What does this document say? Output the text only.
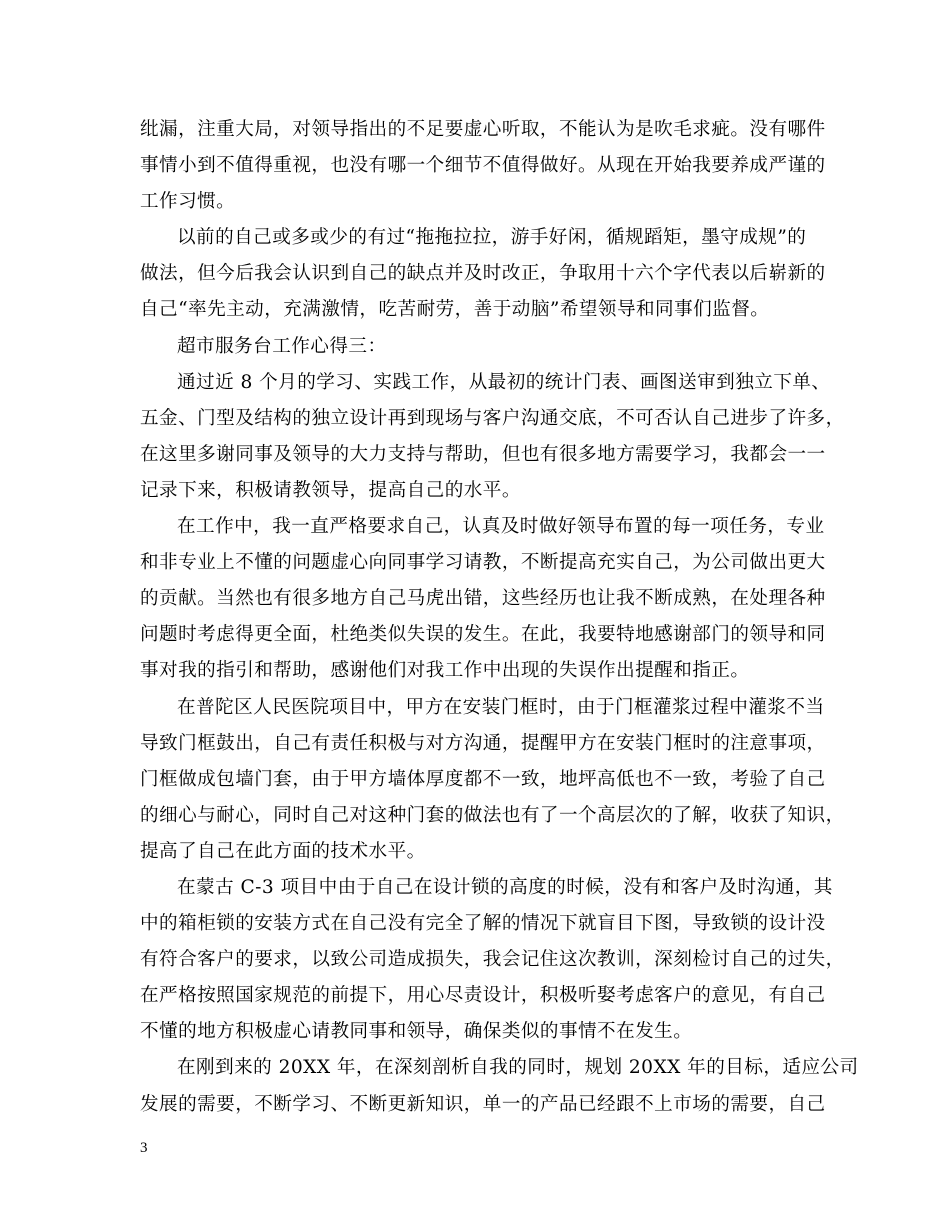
纰漏，注重大局，对领导指出的不足要虚心听取，不能认为是吹毛求疵。没有哪件
事情小到不值得重视，也没有哪一个细节不值得做好。从现在开始我要养成严谨的
工作习惯。
以前的自己或多或少的有过“拖拖拉拉，游手好闲，循规蹈矩，墨守成规”的
做法，但今后我会认识到自己的缺点并及时改正，争取用十六个字代表以后崭新的
自己“率先主动，充满激情，吃苦耐劳，善于动脑”希望领导和同事们监督。
超市服务台工作心得三：
通过近 8 个月的学习、实践工作，从最初的统计门表、画图送审到独立下单、
五金、门型及结构的独立设计再到现场与客户沟通交底，不可否认自己进步了许多，
在这里多谢同事及领导的大力支持与帮助，但也有很多地方需要学习，我都会一一
记录下来，积极请教领导，提高自己的水平。
在工作中，我一直严格要求自己，认真及时做好领导布置的每一项任务，专业
和非专业上不懂的问题虚心向同事学习请教，不断提高充实自己，为公司做出更大
的贡献。当然也有很多地方自己马虎出错，这些经历也让我不断成熟，在处理各种
问题时考虑得更全面，杜绝类似失误的发生。在此，我要特地感谢部门的领导和同
事对我的指引和帮助，感谢他们对我工作中出现的失误作出提醒和指正。
在普陀区人民医院项目中，甲方在安装门框时，由于门框灌浆过程中灌浆不当
导致门框鼓出，自己有责任积极与对方沟通，提醒甲方在安装门框时的注意事项，
门框做成包墙门套，由于甲方墙体厚度都不一致，地坪高低也不一致，考验了自己
的细心与耐心，同时自己对这种门套的做法也有了一个高层次的了解，收获了知识，
提高了自己在此方面的技术水平。
在蒙古 C-3 项目中由于自己在设计锁的高度的时候，没有和客户及时沟通，其
中的箱柜锁的安装方式在自己没有完全了解的情况下就盲目下图，导致锁的设计没
有符合客户的要求，以致公司造成损失，我会记住这次教训，深刻检讨自己的过失，
在严格按照国家规范的前提下，用心尽责设计，积极听娶考虑客户的意见，有自己
不懂的地方积极虚心请教同事和领导，确保类似的事情不在发生。
在刚到来的 20XX 年，在深刻剖析自我的同时，规划 20XX 年的目标，适应公司
发展的需要，不断学习、不断更新知识，单一的产品已经跟不上市场的需要，自己
3
